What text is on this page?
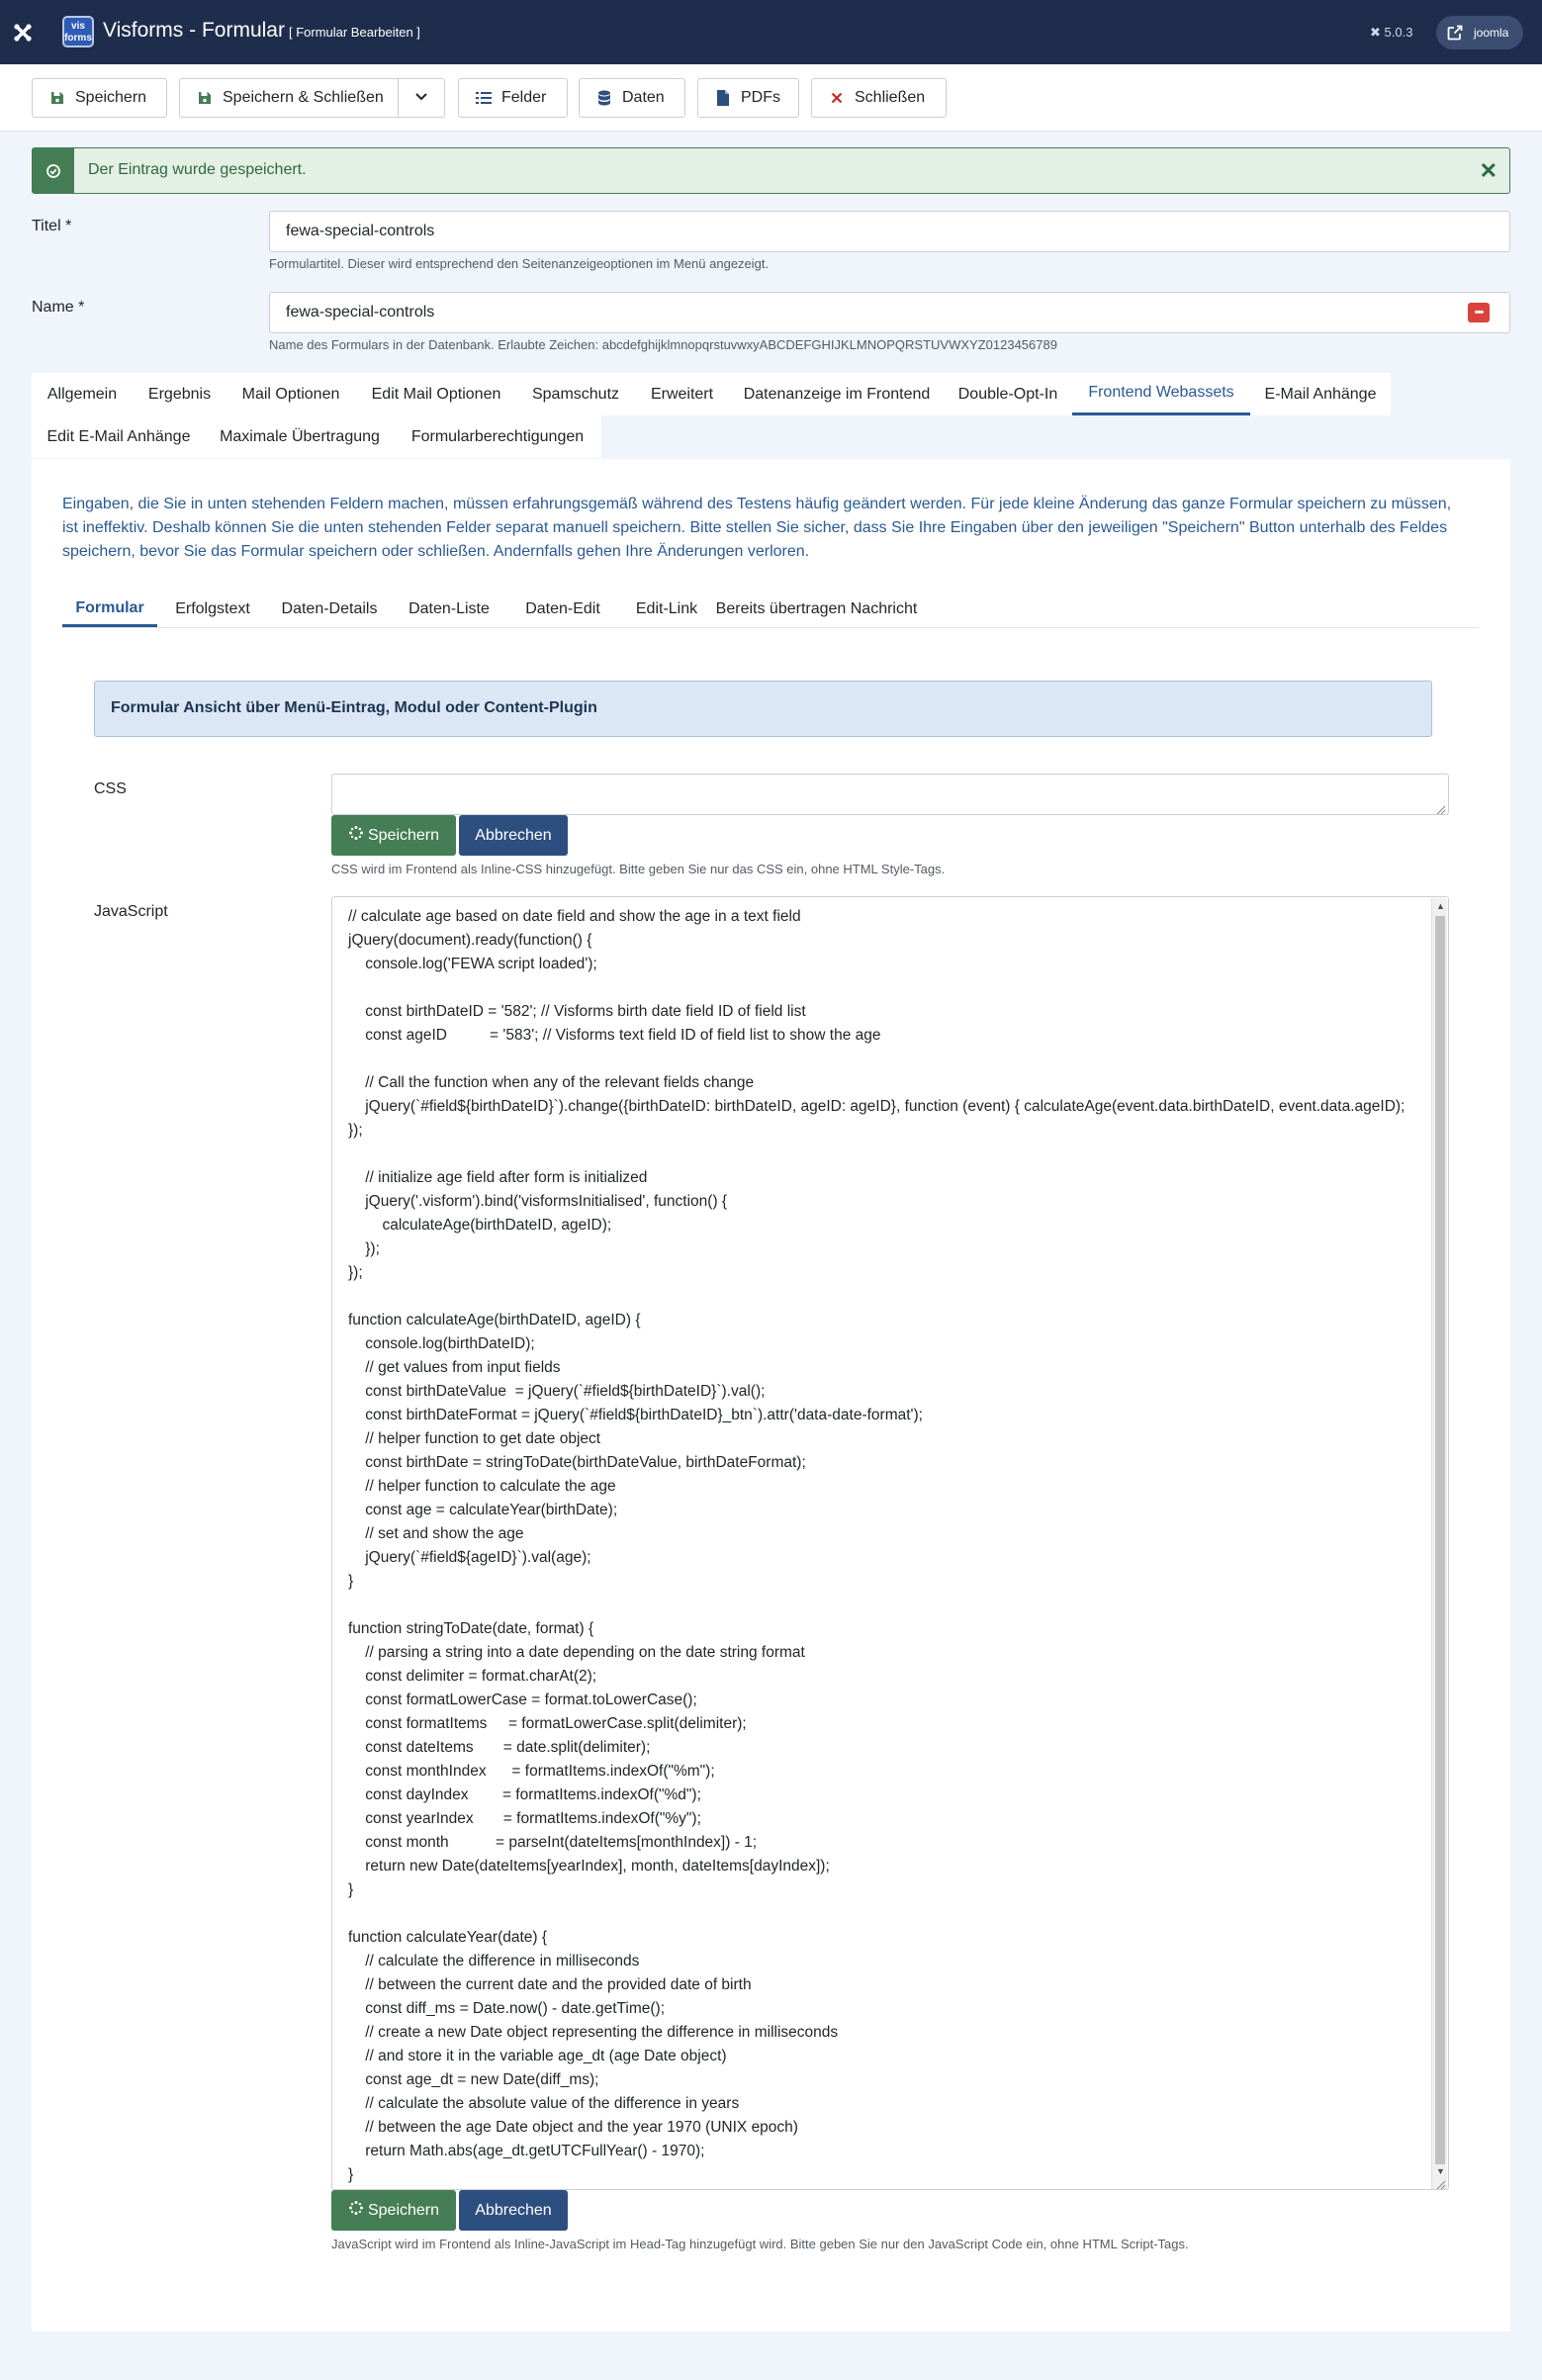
vis forms Visforms - Formular [ Formular Bearbeiten ]	✖︎ 5.0.3	joomla
Speichern	Speichern & Schließen	Felder	Daten	PDFs	Schließen
Der Eintrag wurde gespeichert.	✕
Titel *	fewa-special-controls
Formulartitel. Dieser wird entsprechend den Seitenanzeigeoptionen im Menü angezeigt.
Name *	fewa-special-controls	•••
Name des Formulars in der Datenbank. Erlaubte Zeichen: abcdefghijklmnopqrstuvwxyABCDEFGHIJKLMNOPQRSTUVWXYZ0123456789
Allgemein	Ergebnis	Mail Optionen	Edit Mail Optionen	Spamschutz	Erweitert	Datenanzeige im Frontend	Double-Opt-In	Frontend Webassets	E-Mail Anhänge
Edit E-Mail Anhänge	Maximale Übertragung	Formularberechtigungen
Eingaben, die Sie in unten stehenden Feldern machen, müssen erfahrungsgemäß während des Testens häufig geändert werden. Für jede kleine Änderung das ganze Formular speichern zu müssen, ist ineffektiv. Deshalb können Sie die unten stehenden Felder separat manuell speichern. Bitte stellen Sie sicher, dass Sie Ihre Eingaben über den jeweiligen "Speichern" Button unterhalb des Feldes speichern, bevor Sie das Formular speichern oder schließen. Andernfalls gehen Ihre Änderungen verloren.
Formular	Erfolgstext	Daten-Details	Daten-Liste	Daten-Edit	Edit-Link	Bereits übertragen Nachricht
Formular Ansicht über Menü-Eintrag, Modul oder Content-Plugin
CSS
Speichern	Abbrechen
CSS wird im Frontend als Inline-CSS hinzugefügt. Bitte geben Sie nur das CSS ein, ohne HTML Style-Tags.
JavaScript	// calculate age based on date field and show the age in a text field
jQuery(document).ready(function() {
console.log('FEWA script loaded');

const birthDateID = '582'; // Visforms birth date field ID of field list
const ageID          = '583'; // Visforms text field ID of field list to show the age

// Call the function when any of the relevant fields change
jQuery(`#field${birthDateID}`).change({birthDateID: birthDateID, ageID: ageID}, function (event) { calculateAge(event.data.birthDateID, event.data.ageID); });

// initialize age field after form is initialized
jQuery('.visform').bind('visformsInitialised', function() {
calculateAge(birthDateID, ageID);
});
});

function calculateAge(birthDateID, ageID) {
console.log(birthDateID);
// get values from input fields
const birthDateValue  = jQuery(`#field${birthDateID}`).val();
const birthDateFormat = jQuery(`#field${birthDateID}_btn`).attr('data-date-format');
// helper function to get date object
const birthDate = stringToDate(birthDateValue, birthDateFormat);
// helper function to calculate the age
const age = calculateYear(birthDate);
// set and show the age
jQuery(`#field${ageID}`).val(age);
}

function stringToDate(date, format) {
// parsing a string into a date depending on the date string format
const delimiter = format.charAt(2);
const formatLowerCase = format.toLowerCase();
const formatItems     = formatLowerCase.split(delimiter);
const dateItems       = date.split(delimiter);
const monthIndex      = formatItems.indexOf("%m");
const dayIndex        = formatItems.indexOf("%d");
const yearIndex       = formatItems.indexOf("%y");
const month           = parseInt(dateItems[monthIndex]) - 1;
return new Date(dateItems[yearIndex], month, dateItems[dayIndex]);
}

function calculateYear(date) {
// calculate the difference in milliseconds
// between the current date and the provided date of birth
const diff_ms = Date.now() - date.getTime();
// create a new Date object representing the difference in milliseconds
// and store it in the variable age_dt (age Date object)
const age_dt = new Date(diff_ms);
// calculate the absolute value of the difference in years
// between the age Date object and the year 1970 (UNIX epoch)
return Math.abs(age_dt.getUTCFullYear() - 1970);
}
▲
▼
Speichern	Abbrechen
JavaScript wird im Frontend als Inline-JavaScript im Head-Tag hinzugefügt wird. Bitte geben Sie nur den JavaScript Code ein, ohne HTML Script-Tags.
